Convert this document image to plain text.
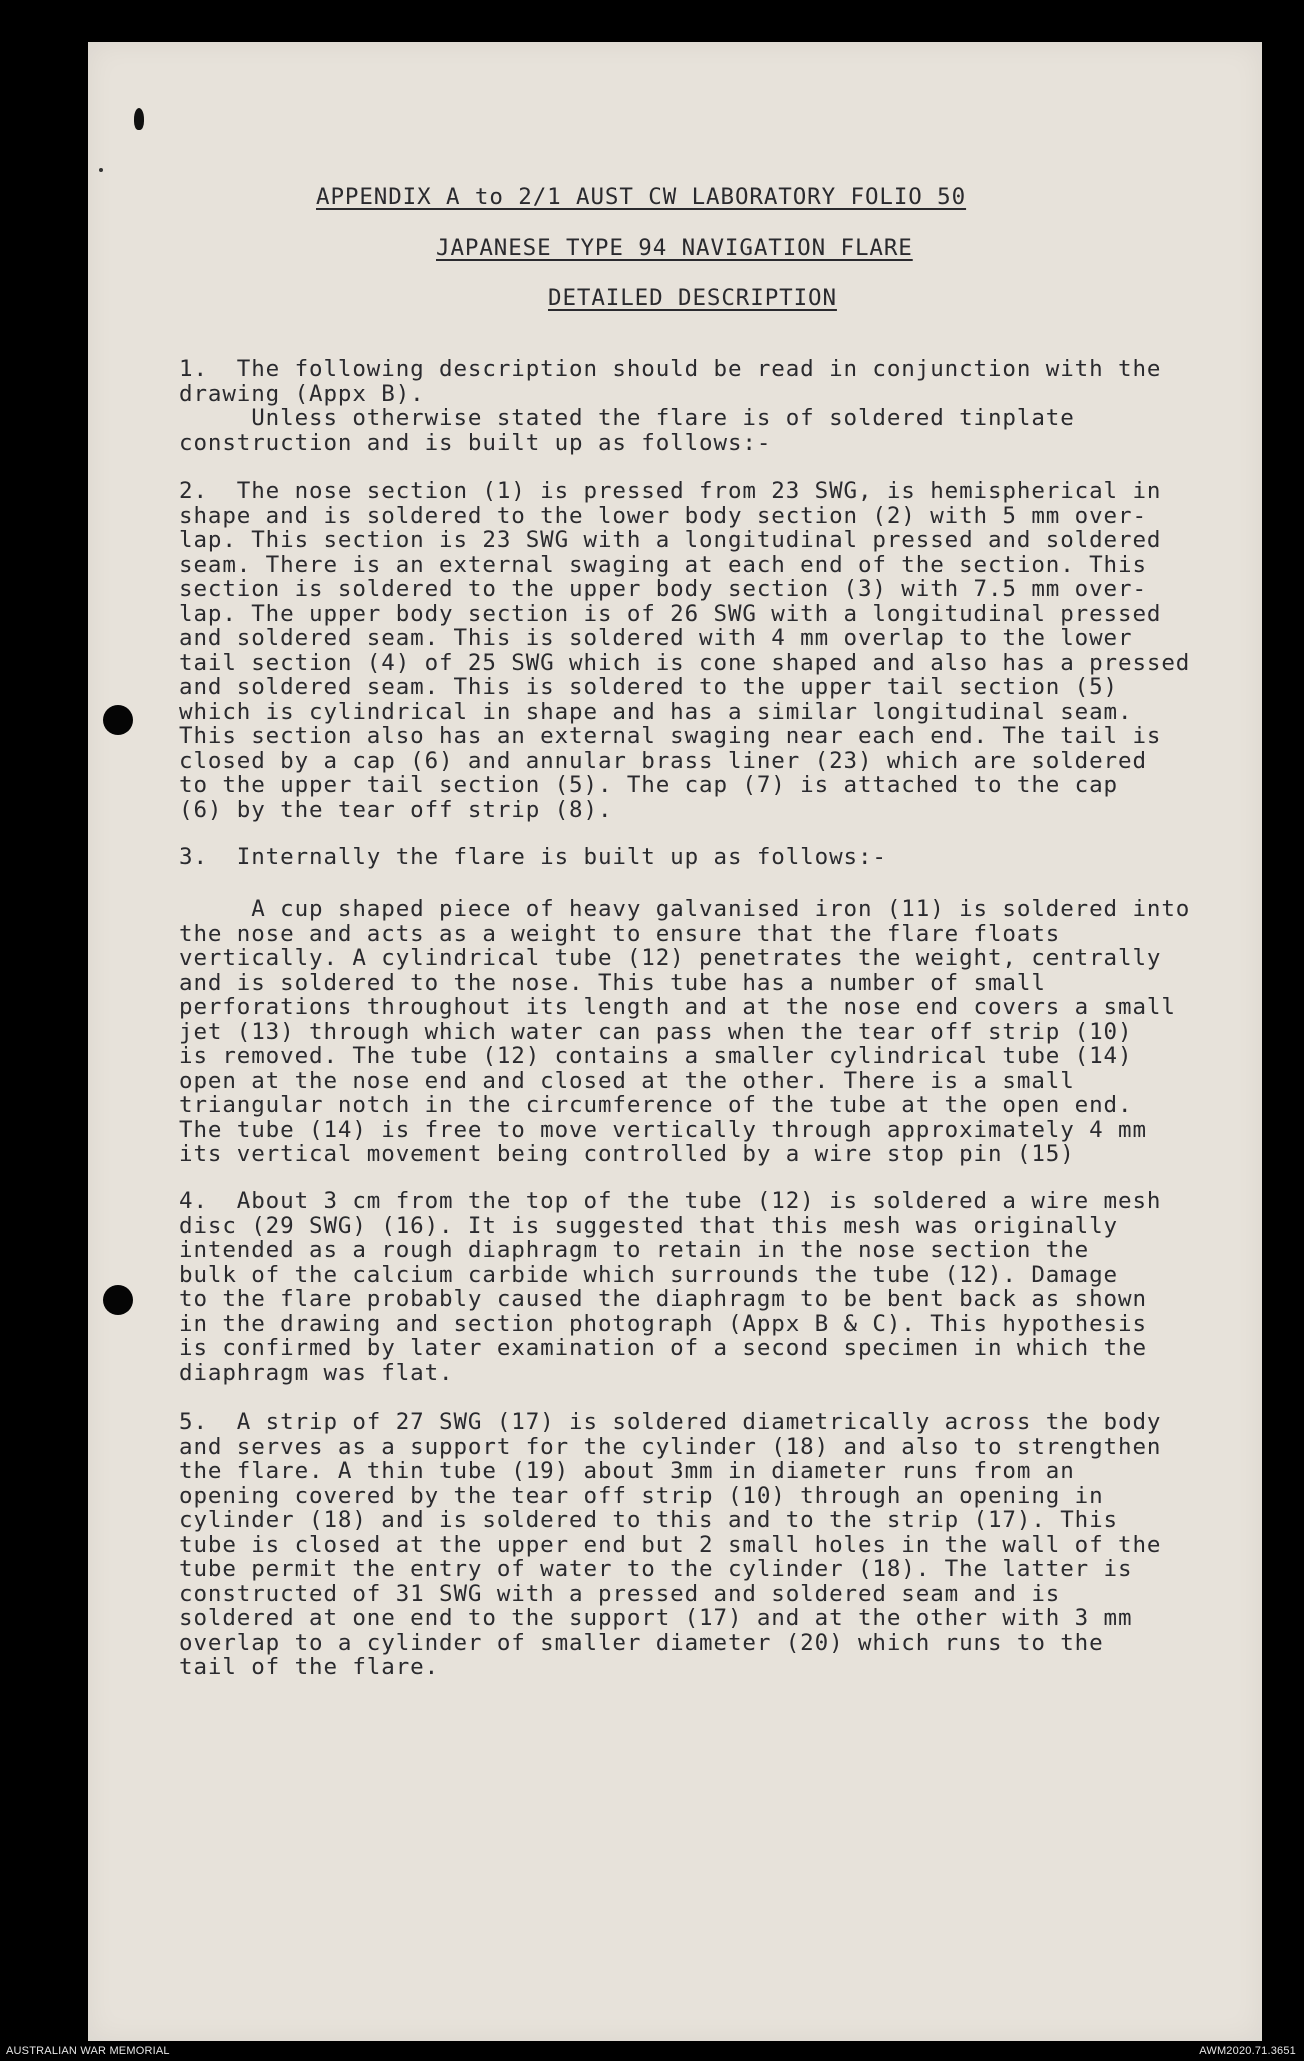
APPENDIX A to 2/1 AUST CW LABORATORY FOLIO 50
JAPANESE TYPE 94 NAVIGATION FLARE
DETAILED DESCRIPTION
1.  The following description should be read in conjunction with the
drawing (Appx B).
Unless otherwise stated the flare is of soldered tinplate
construction and is built up as follows:-
2.  The nose section (1) is pressed from 23 SWG, is hemispherical in
shape and is soldered to the lower body section (2) with 5 mm over-
lap. This section is 23 SWG with a longitudinal pressed and soldered
seam. There is an external swaging at each end of the section. This
section is soldered to the upper body section (3) with 7.5 mm over-
lap. The upper body section is of 26 SWG with a longitudinal pressed
and soldered seam. This is soldered with 4 mm overlap to the lower
tail section (4) of 25 SWG which is cone shaped and also has a pressed
and soldered seam. This is soldered to the upper tail section (5)
which is cylindrical in shape and has a similar longitudinal seam.
This section also has an external swaging near each end. The tail is
closed by a cap (6) and annular brass liner (23) which are soldered
to the upper tail section (5). The cap (7) is attached to the cap
(6) by the tear off strip (8).
3.  Internally the flare is built up as follows:-
A cup shaped piece of heavy galvanised iron (11) is soldered into
the nose and acts as a weight to ensure that the flare floats
vertically. A cylindrical tube (12) penetrates the weight, centrally
and is soldered to the nose. This tube has a number of small
perforations throughout its length and at the nose end covers a small
jet (13) through which water can pass when the tear off strip (10)
is removed. The tube (12) contains a smaller cylindrical tube (14)
open at the nose end and closed at the other. There is a small
triangular notch in the circumference of the tube at the open end.
The tube (14) is free to move vertically through approximately 4 mm
its vertical movement being controlled by a wire stop pin (15)
4.  About 3 cm from the top of the tube (12) is soldered a wire mesh
disc (29 SWG) (16). It is suggested that this mesh was originally
intended as a rough diaphragm to retain in the nose section the
bulk of the calcium carbide which surrounds the tube (12). Damage
to the flare probably caused the diaphragm to be bent back as shown
in the drawing and section photograph (Appx B & C). This hypothesis
is confirmed by later examination of a second specimen in which the
diaphragm was flat.
5.  A strip of 27 SWG (17) is soldered diametrically across the body
and serves as a support for the cylinder (18) and also to strengthen
the flare. A thin tube (19) about 3mm in diameter runs from an
opening covered by the tear off strip (10) through an opening in
cylinder (18) and is soldered to this and to the strip (17). This
tube is closed at the upper end but 2 small holes in the wall of the
tube permit the entry of water to the cylinder (18). The latter is
constructed of 31 SWG with a pressed and soldered seam and is
soldered at one end to the support (17) and at the other with 3 mm
overlap to a cylinder of smaller diameter (20) which runs to the
tail of the flare.
AUSTRALIAN WAR MEMORIAL	AWM2020.71.3651
